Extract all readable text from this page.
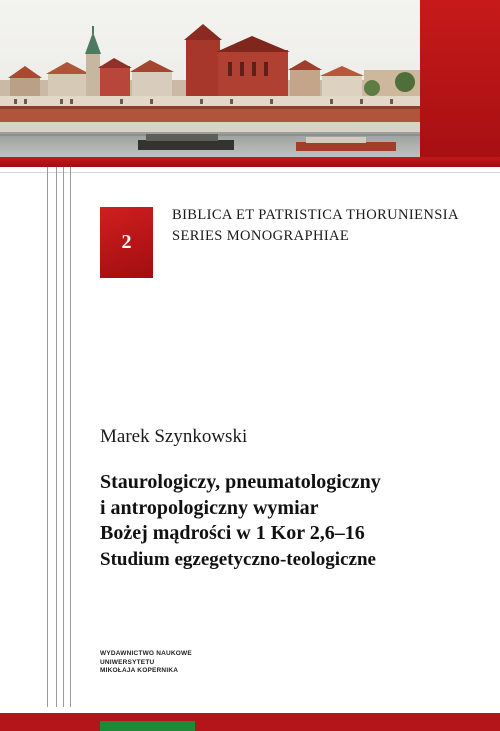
2
BIBLICA ET PATRISTICA THORUNIENSIA
SERIES MONOGRAPHIAE
Marek Szynkowski
Staurologiczy, pneumatologiczny
i antropologiczny wymiar
Bożej mądrości w 1 Kor 2,6–16
Studium egzegetyczno-teologiczne
WYDAWNICTWO NAUKOWE
UNIWERSYTETU
MIKOŁAJA KOPERNIKA
